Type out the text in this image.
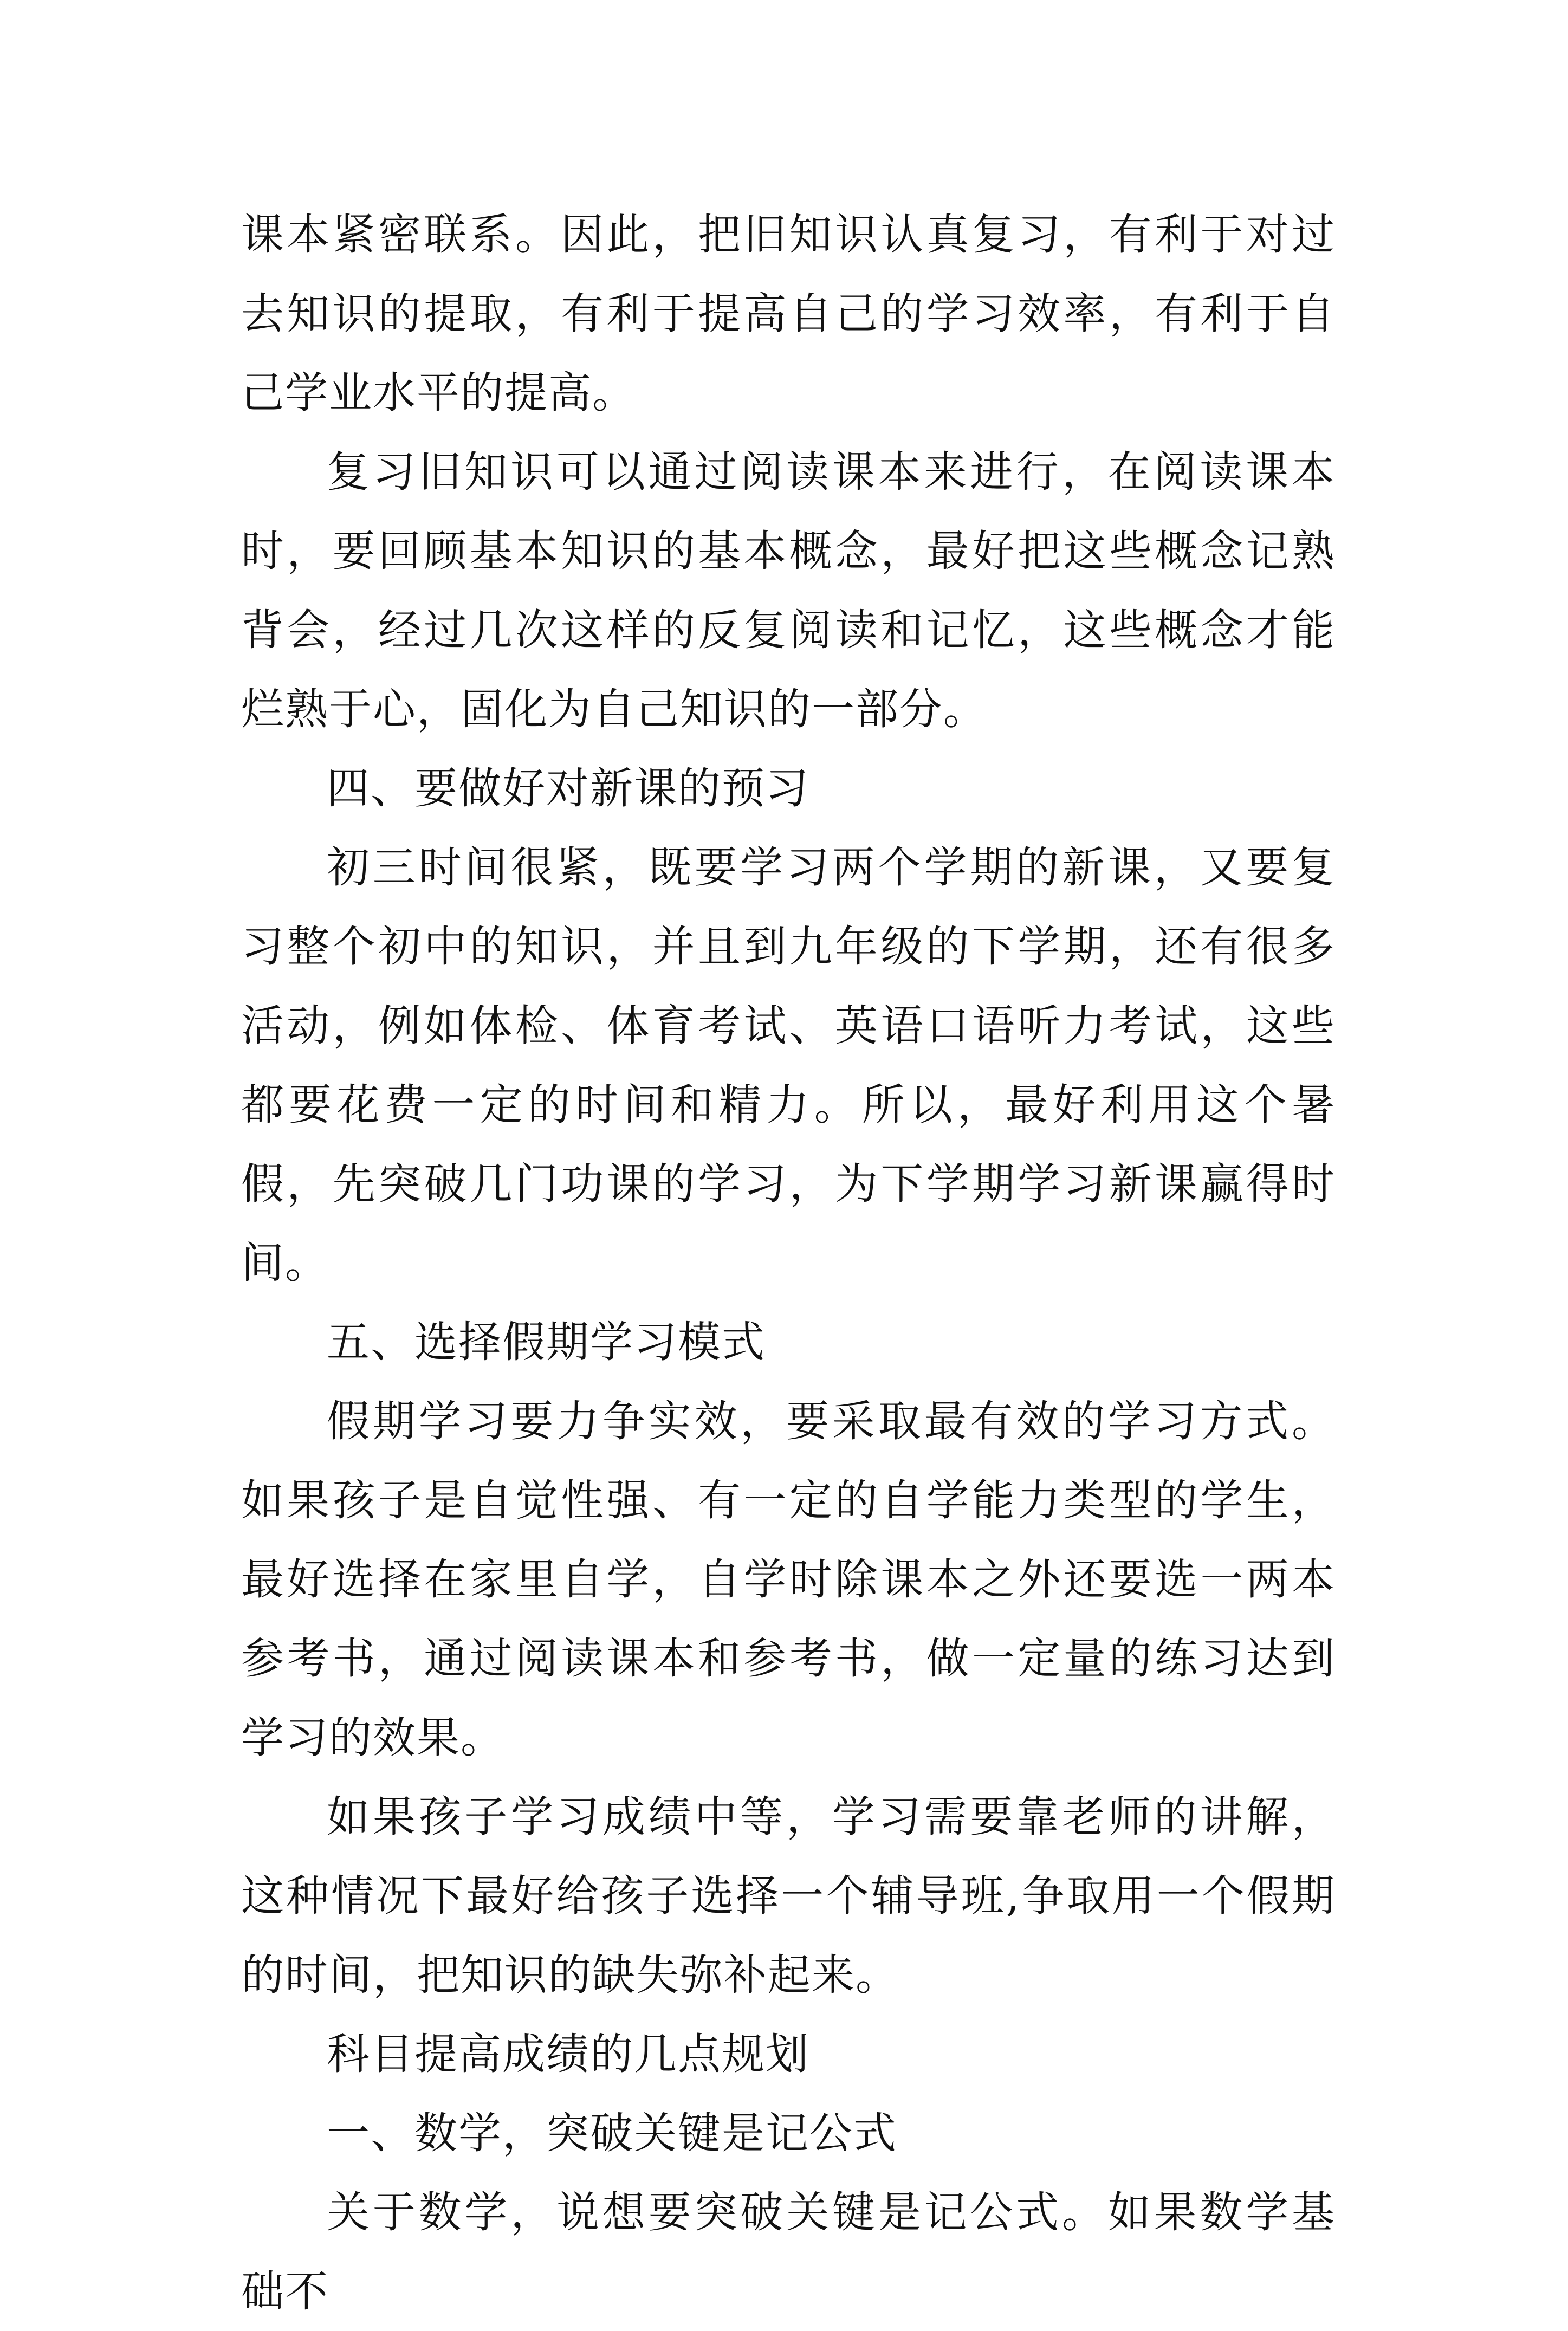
课本紧密联系。因此，把旧知识认真复习，有利于对过去知识的提取，有利于提高自己的学习效率，有利于自己学业水平的提高。

复习旧知识可以通过阅读课本来进行，在阅读课本时，要回顾基本知识的基本概念，最好把这些概念记熟背会，经过几次这样的反复阅读和记忆，这些概念才能烂熟于心，固化为自己知识的一部分。

四、要做好对新课的预习

初三时间很紧，既要学习两个学期的新课，又要复习整个初中的知识，并且到九年级的下学期，还有很多活动，例如体检、体育考试、英语口语听力考试，这些都要花费一定的时间和精力。所以，最好利用这个暑假，先突破几门功课的学习，为下学期学习新课赢得时间。

五、选择假期学习模式

假期学习要力争实效，要采取最有效的学习方式。如果孩子是自觉性强、有一定的自学能力类型的学生，最好选择在家里自学，自学时除课本之外还要选一两本参考书，通过阅读课本和参考书，做一定量的练习达到学习的效果。

如果孩子学习成绩中等，学习需要靠老师的讲解，这种情况下最好给孩子选择一个辅导班,争取用一个假期的时间，把知识的缺失弥补起来。

科目提高成绩的几点规划

一、数学，突破关键是记公式

关于数学，说想要突破关键是记公式。如果数学基础不
